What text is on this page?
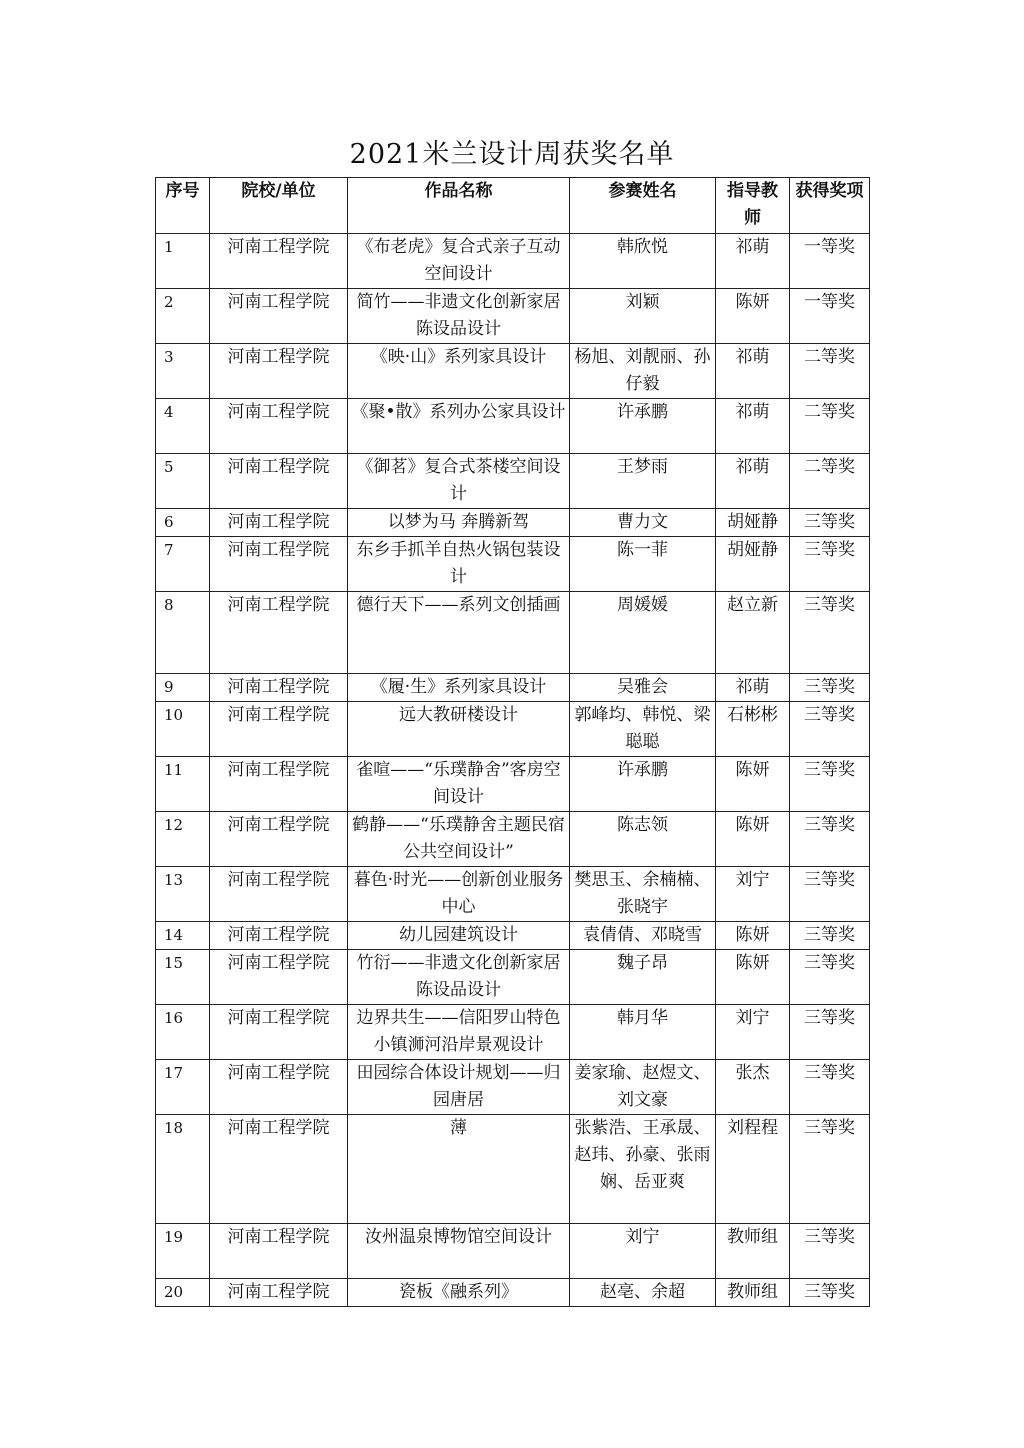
2021米兰设计周获奖名单
序号	院校/单位	作品名称	参赛姓名	指导教师	获得奖项
1	河南工程学院	《布老虎》复合式亲子互动空间设计	韩欣悦	祁萌	一等奖
2	河南工程学院	简竹——非遗文化创新家居陈设品设计	刘颖	陈妍	一等奖
3	河南工程学院	《映·山》系列家具设计	杨旭、刘靓丽、孙仔毅	祁萌	二等奖
4	河南工程学院	《聚•散》系列办公家具设计	许承鹏	祁萌	二等奖
5	河南工程学院	《御茗》复合式茶楼空间设计	王梦雨	祁萌	二等奖
6	河南工程学院	以梦为马 奔腾新驾	曹力文	胡娅静	三等奖
7	河南工程学院	东乡手抓羊自热火锅包装设计	陈一菲	胡娅静	三等奖
8	河南工程学院	德行天下——系列文创插画	周媛媛	赵立新	三等奖
9	河南工程学院	《履·生》系列家具设计	吴雅会	祁萌	三等奖
10	河南工程学院	远大教研楼设计	郭峰均、韩悦、梁聪聪	石彬彬	三等奖
11	河南工程学院	雀喧——“乐璞静舍”客房空间设计	许承鹏	陈妍	三等奖
12	河南工程学院	鹤静——“乐璞静舍主题民宿公共空间设计”	陈志领	陈妍	三等奖
13	河南工程学院	暮色·时光——创新创业服务中心	樊思玉、余楠楠、张晓宇	刘宁	三等奖
14	河南工程学院	幼儿园建筑设计	袁倩倩、邓晓雪	陈妍	三等奖
15	河南工程学院	竹衍——非遗文化创新家居陈设品设计	魏子昂	陈妍	三等奖
16	河南工程学院	边界共生——信阳罗山特色小镇浉河沿岸景观设计	韩月华	刘宁	三等奖
17	河南工程学院	田园综合体设计规划——归园唐居	姜家瑜、赵煜文、刘文豪	张杰	三等奖
18	河南工程学院	薄	张紫浩、王承晟、赵玮、孙豪、张雨娴、岳亚爽	刘程程	三等奖
19	河南工程学院	汝州温泉博物馆空间设计	刘宁	教师组	三等奖
20	河南工程学院	瓷板《融系列》	赵亳、余超	教师组	三等奖
